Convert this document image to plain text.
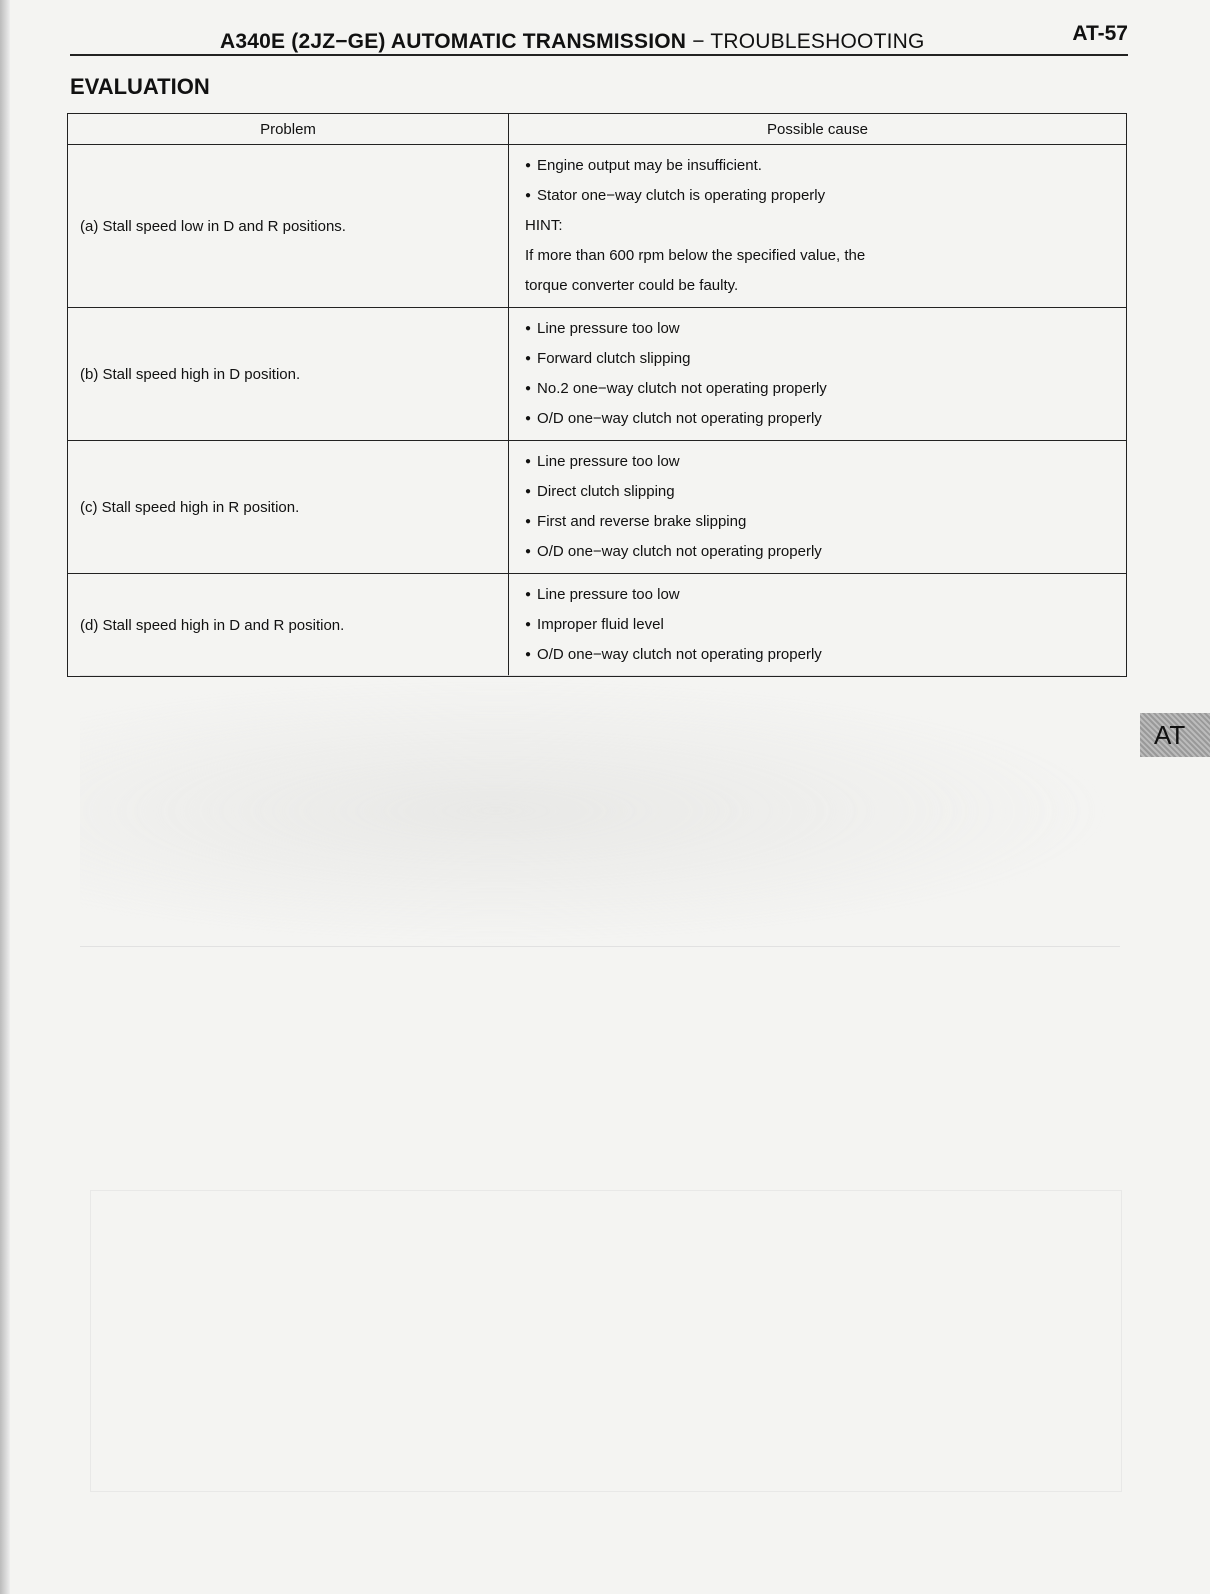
A340E (2JZ−GE) AUTOMATIC TRANSMISSION − TROUBLESHOOTING	AT-57
EVALUATION
Problem	Possible cause
(a) Stall speed low in D and R positions.	● Engine output may be insufficient.
● Stator one−way clutch is operating properly
HINT:
If more than 600 rpm below the specified value, the
torque converter could be faulty.

(b) Stall speed high in D position.	● Line pressure too low
● Forward clutch slipping
● No.2 one−way clutch not operating properly
● O/D one−way clutch not operating properly

(c) Stall speed high in R position.	● Line pressure too low
● Direct clutch slipping
● First and reverse brake slipping
● O/D one−way clutch not operating properly

(d) Stall speed high in D and R position.	● Line pressure too low
● Improper fluid level
● O/D one−way clutch not operating properly
AT
